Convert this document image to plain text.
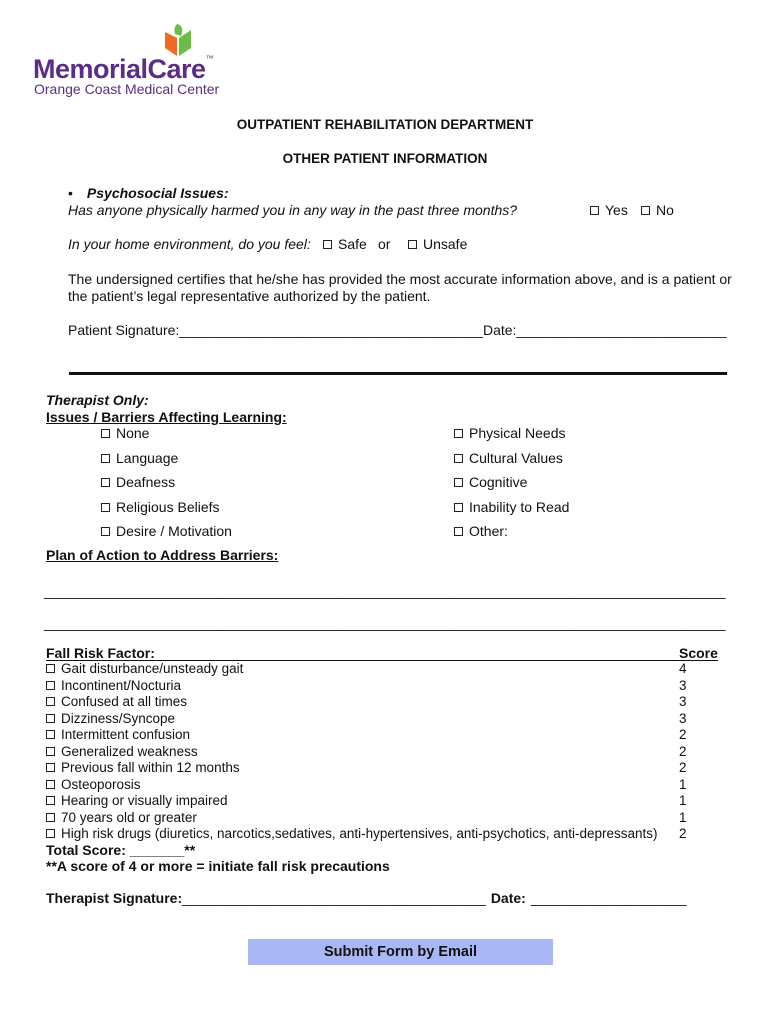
MemorialCare™
Orange Coast Medical Center
OUTPATIENT REHABILITATION DEPARTMENT
OTHER PATIENT INFORMATION
• Psychosocial Issues:
Has anyone physically harmed you in any way in the past three months?	Yes	No
In your home environment, do you feel:	Safe or	Unsafe
The undersigned certifies that he/she has provided the most accurate information above, and is a patient or
the patient’s legal representative authorized by the patient.
Patient Signature:_______________________________________Date:___________________________
Therapist Only:
Issues / Barriers Affecting Learning:
None
Language
Deafness
Religious Beliefs
Desire / Motivation
Physical Needs
Cultural Values
Cognitive
Inability to Read
Other:
Plan of Action to Address Barriers:
___________________________________________________________________________________________
___________________________________________________________________________________________
Fall Risk Factor:	Score
Gait disturbance/unsteady gait	4
Incontinent/Nocturia	3
Confused at all times	3
Dizziness/Syncope	3
Intermittent confusion	2
Generalized weakness	2
Previous fall within 12 months	2
Osteoporosis	1
Hearing or visually impaired	1
70 years old or greater	1
High risk drugs (diuretics, narcotics,sedatives, anti-hypertensives, anti-psychotics, anti-depressants) 2
Total Score: _______**
**A score of 4 or more = initiate fall risk precautions
Therapist Signature:_______________________________________ Date: ____________________
Submit Form by Email
